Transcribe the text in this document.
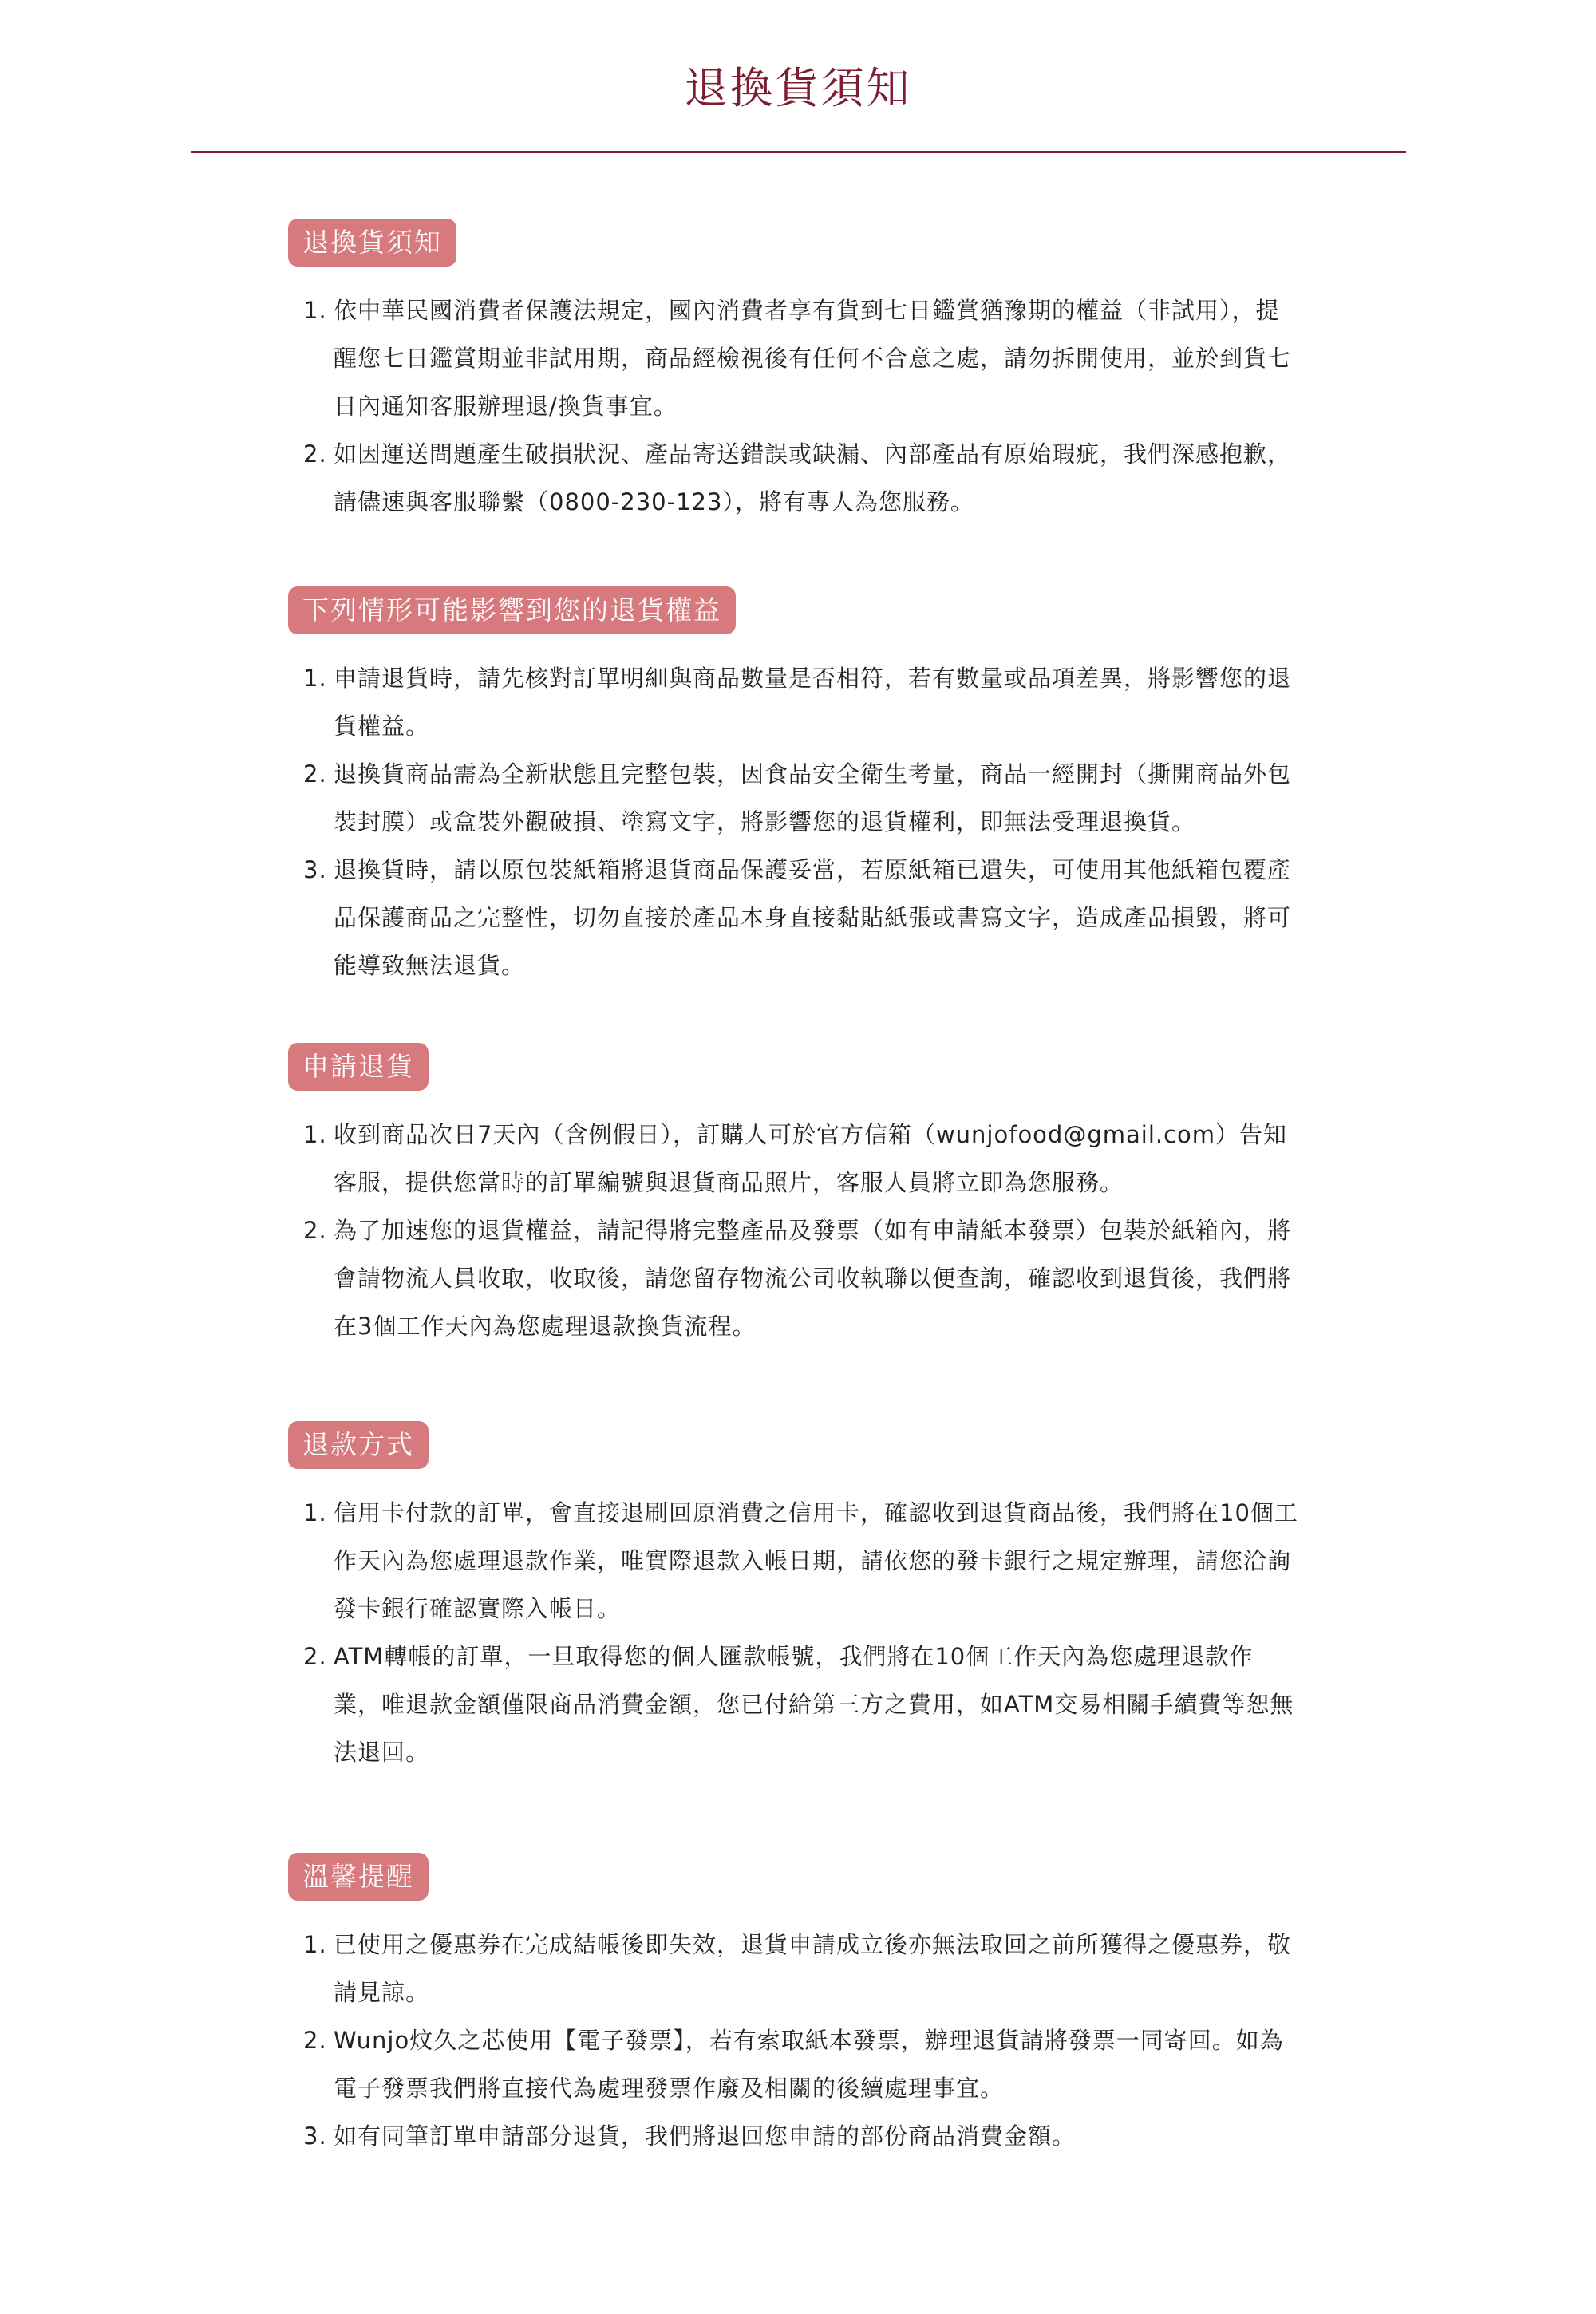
退換貨須知
退換貨須知
1. 依中華民國消費者保護法規定，國內消費者享有貨到七日鑑賞猶豫期的權益（非試用），提醒您七日鑑賞期並非試用期，商品經檢視後有任何不合意之處，請勿拆開使用，並於到貨七日內通知客服辦理退/換貨事宜。
2. 如因運送問題產生破損狀況、產品寄送錯誤或缺漏、內部產品有原始瑕疵，我們深感抱歉，請儘速與客服聯繫（0800-230-123），將有專人為您服務。
下列情形可能影響到您的退貨權益
1. 申請退貨時，請先核對訂單明細與商品數量是否相符，若有數量或品項差異，將影響您的退貨權益。
2. 退換貨商品需為全新狀態且完整包裝，因食品安全衛生考量，商品一經開封（撕開商品外包裝封膜）或盒裝外觀破損、塗寫文字，將影響您的退貨權利，即無法受理退換貨。
3. 退換貨時，請以原包裝紙箱將退貨商品保護妥當，若原紙箱已遺失，可使用其他紙箱包覆產品保護商品之完整性，切勿直接於產品本身直接黏貼紙張或書寫文字，造成產品損毀，將可能導致無法退貨。
申請退貨
1. 收到商品次日7天內（含例假日），訂購人可於官方信箱（wunjofood@gmail.com）告知客服，提供您當時的訂單編號與退貨商品照片，客服人員將立即為您服務。
2. 為了加速您的退貨權益，請記得將完整產品及發票（如有申請紙本發票）包裝於紙箱內，將會請物流人員收取，收取後，請您留存物流公司收執聯以便查詢，確認收到退貨後，我們將在3個工作天內為您處理退款換貨流程。
退款方式
1. 信用卡付款的訂單，會直接退刷回原消費之信用卡，確認收到退貨商品後，我們將在10個工作天內為您處理退款作業，唯實際退款入帳日期，請依您的發卡銀行之規定辦理，請您洽詢發卡銀行確認實際入帳日。
2. ATM轉帳的訂單，一旦取得您的個人匯款帳號，我們將在10個工作天內為您處理退款作業，唯退款金額僅限商品消費金額，您已付給第三方之費用，如ATM交易相關手續費等恕無法退回。
溫馨提醒
1. 已使用之優惠券在完成結帳後即失效，退貨申請成立後亦無法取回之前所獲得之優惠券，敬請見諒。
2. Wunjo炆久之芯使用【電子發票】，若有索取紙本發票，辦理退貨請將發票一同寄回。如為電子發票我們將直接代為處理發票作廢及相關的後續處理事宜。
3. 如有同筆訂單申請部分退貨，我們將退回您申請的部份商品消費金額。
